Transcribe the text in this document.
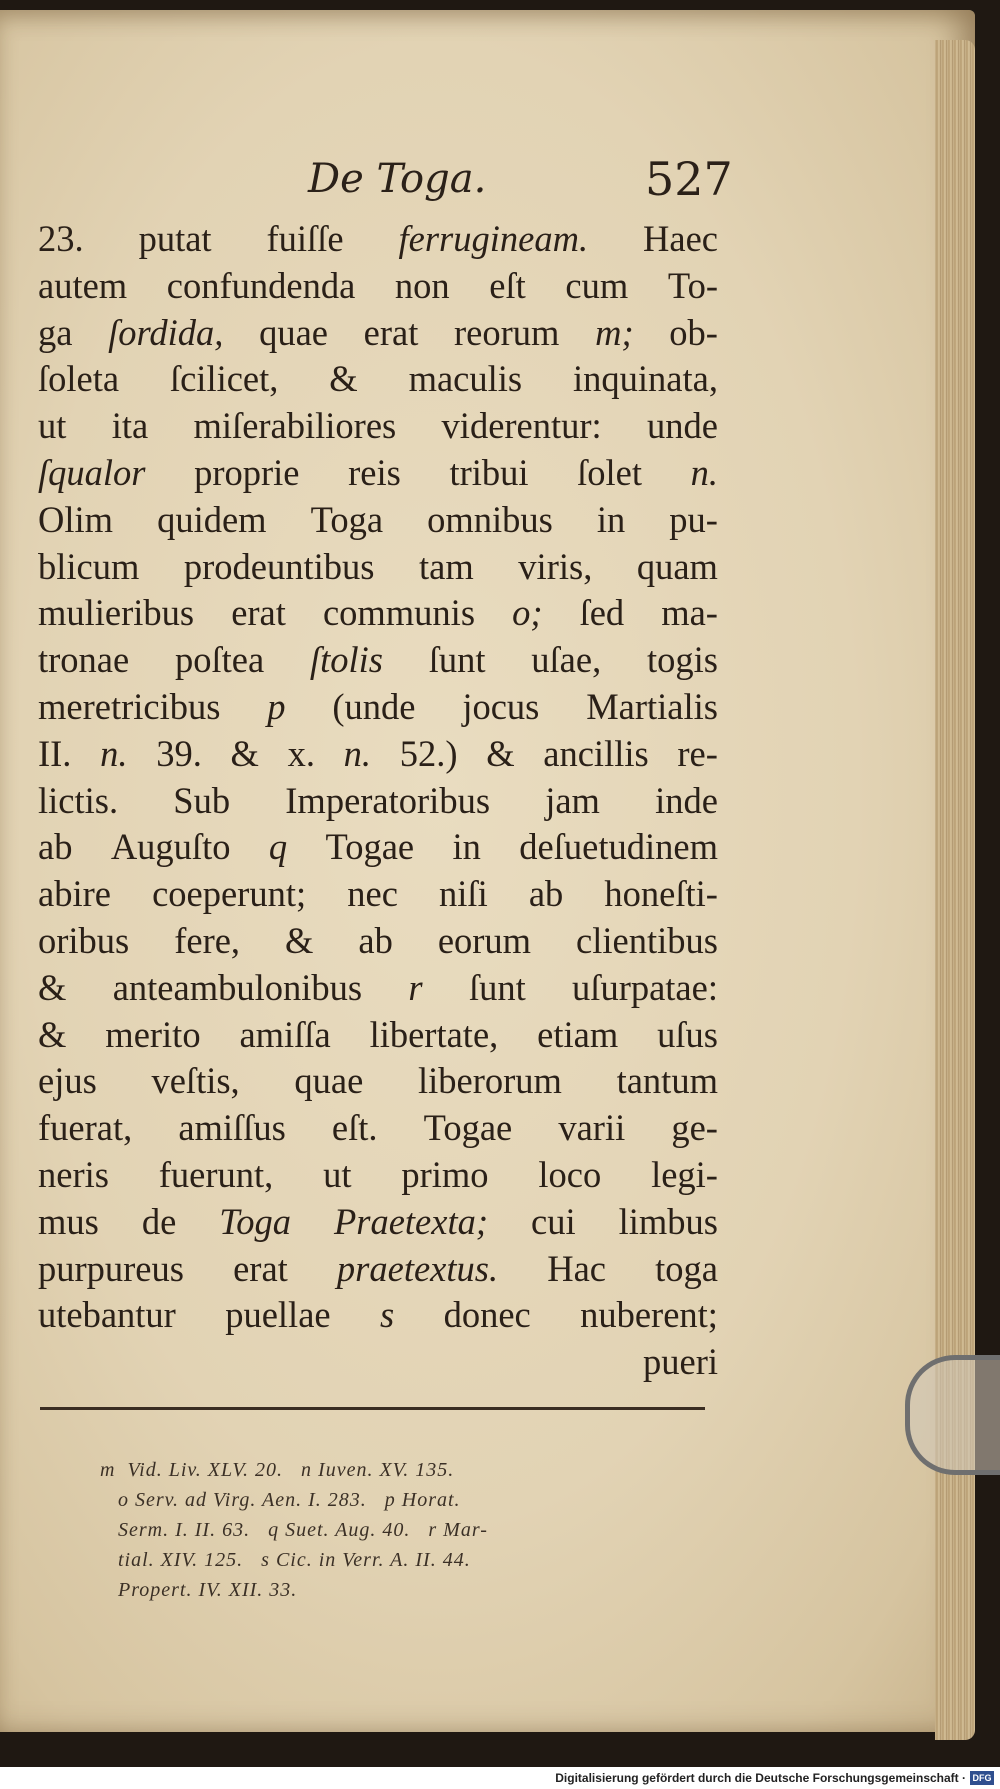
De Toga.	527
23. putat fuiſſe ferrugineam. Haec
autem confundenda non eſt cum To-
ga ſordida, quae erat reorum m; ob-
ſoleta ſcilicet, & maculis inquinata,
ut ita miſerabiliores viderentur: unde
ſqualor proprie reis tribui ſolet n.
Olim quidem Toga omnibus in pu-
blicum prodeuntibus tam viris, quam
mulieribus erat communis o; ſed ma-
tronae poſtea ſtolis ſunt uſae, togis
meretricibus p (unde jocus Martialis
II. n. 39. & x. n. 52.) & ancillis re-
lictis. Sub Imperatoribus jam inde
ab Auguſto q Togae in deſuetudinem
abire coeperunt; nec niſi ab honeſti-
oribus fere, & ab eorum clientibus
& anteambulonibus r ſunt uſurpatae:
& merito amiſſa libertate, etiam uſus
ejus veſtis, quae liberorum tantum
fuerat, amiſſus eſt. Togae varii ge-
neris fuerunt, ut primo loco legi-
mus de Toga Praetexta; cui limbus
purpureus erat praetextus. Hac toga
utebantur puellae s donec nuberent;
pueri
m  Vid. Liv. XLV. 20.   n Iuven. XV. 135.
o Serv. ad Virg. Aen. I. 283.   p Horat.
Serm. I. II. 63.   q Suet. Aug. 40.   r Mar-
tial. XIV. 125.   s Cic. in Verr. A. II. 44.
Propert. IV. XII. 33.
Digitalisierung gefördert durch die Deutsche Forschungsgemeinschaft · DFG
